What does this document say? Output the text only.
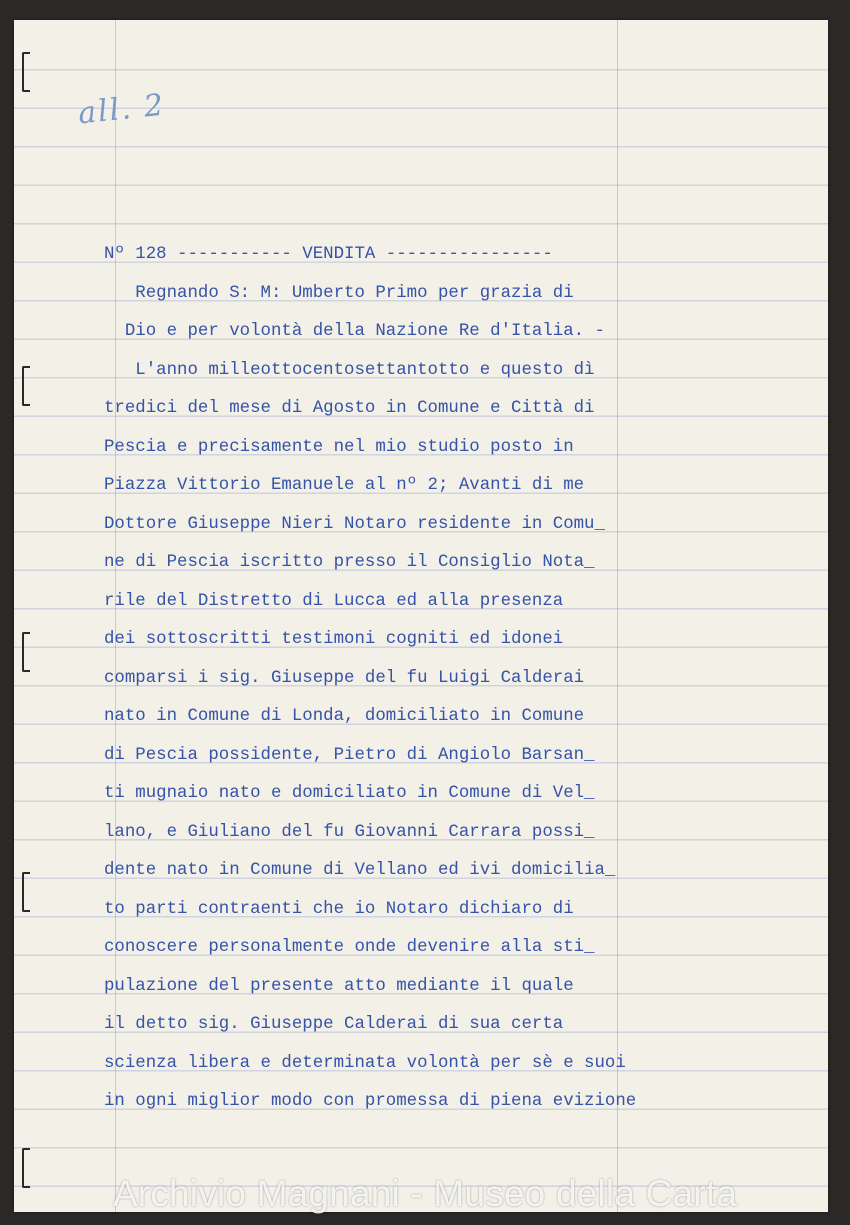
all. 2
Nº 128 ----------- VENDITA ----------------
Regnando S: M: Umberto Primo per grazia di
Dio e per volontà della Nazione Re d'Italia. -
L'anno milleottocentosettantotto e questo dì
tredici del mese di Agosto in Comune e Città di
Pescia e precisamente nel mio studio posto in
Piazza Vittorio Emanuele al nº 2; Avanti di me
Dottore Giuseppe Nieri Notaro residente in Comu_
ne di Pescia iscritto presso il Consiglio Nota_
rile del Distretto di Lucca ed alla presenza
dei sottoscritti testimoni cogniti ed idonei
comparsi i sig. Giuseppe del fu Luigi Calderai
nato in Comune di Londa, domiciliato in Comune
di Pescia possidente, Pietro di Angiolo Barsan_
ti mugnaio nato e domiciliato in Comune di Vel_
lano, e Giuliano del fu Giovanni Carrara possi_
dente nato in Comune di Vellano ed ivi domicilia_
to parti contraenti che io Notaro dichiaro di
conoscere personalmente onde devenire alla sti_
pulazione del presente atto mediante il quale
il detto sig. Giuseppe Calderai di sua certa
scienza libera e determinata volontà per sè e suoi
in ogni miglior modo con promessa di piena evizione
Archivio Magnani - Museo della Carta
